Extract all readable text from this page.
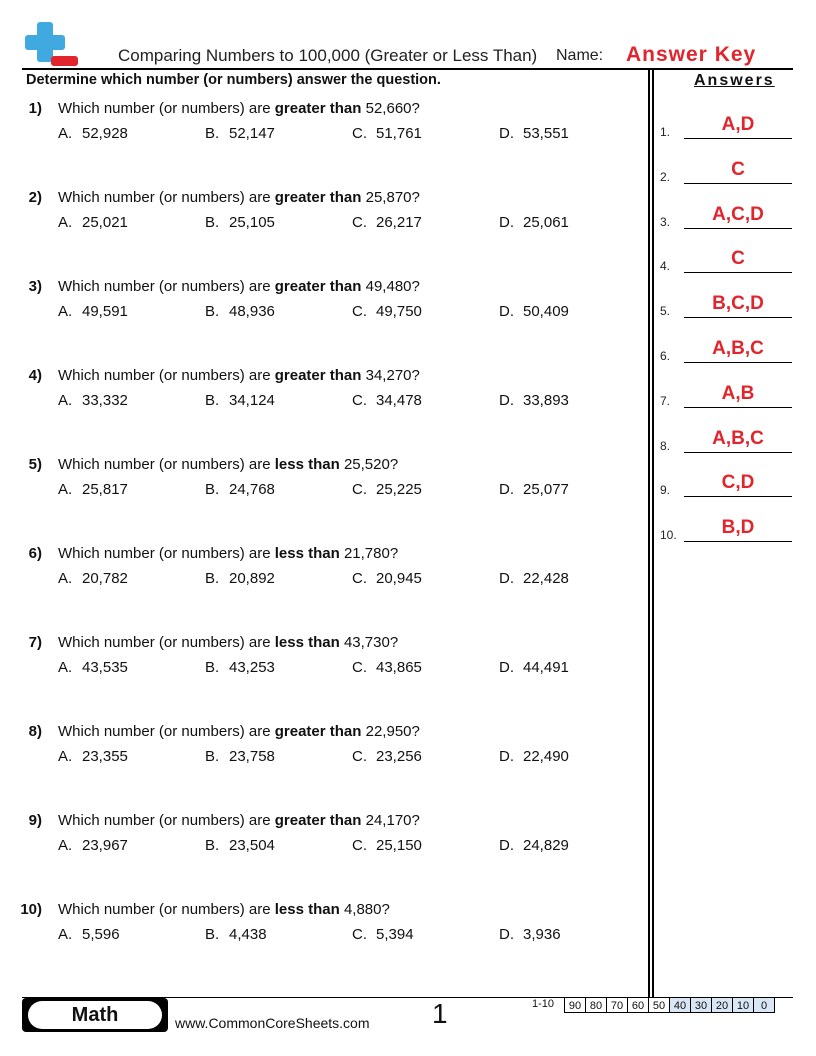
Comparing Numbers to 100,000 (Greater or Less Than) Name: Answer Key
Determine which number (or numbers) answer the question.	Answers
1) Which number (or numbers) are greater than 52,660?
A. 52,928	B. 52,147	C. 51,761	D. 53,551
2) Which number (or numbers) are greater than 25,870?
A. 25,021	B. 25,105	C. 26,217	D. 25,061
3) Which number (or numbers) are greater than 49,480?
A. 49,591	B. 48,936	C. 49,750	D. 50,409
4) Which number (or numbers) are greater than 34,270?
A. 33,332	B. 34,124	C. 34,478	D. 33,893
5) Which number (or numbers) are less than 25,520?
A. 25,817	B. 24,768	C. 25,225	D. 25,077
6) Which number (or numbers) are less than 21,780?
A. 20,782	B. 20,892	C. 20,945	D. 22,428
7) Which number (or numbers) are less than 43,730?
A. 43,535	B. 43,253	C. 43,865	D. 44,491
8) Which number (or numbers) are greater than 22,950?
A. 23,355	B. 23,758	C. 23,256	D. 22,490
9) Which number (or numbers) are greater than 24,170?
A. 23,967	B. 23,504	C. 25,150	D. 24,829
10) Which number (or numbers) are less than 4,880?
A. 5,596	B. 4,438	C. 5,394	D. 3,936
1.	A,D
2.	C
3.	A,C,D
4.	C
5.	B,C,D
6.	A,B,C
7.	A,B
8.	A,B,C
9.	C,D
10.	B,D
Math	www.CommonCoreSheets.com 1	1-10	90 80 70 60 50 40 30 20 10	0
